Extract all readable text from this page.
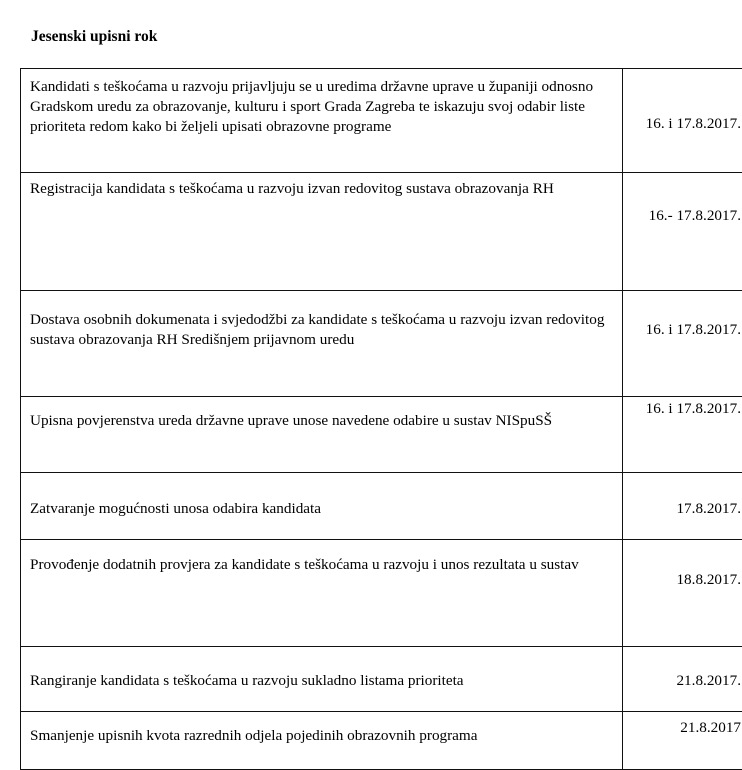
Jesenski upisni rok
Kandidati s teškoćama u razvoju prijavljuju se u uredima državne uprave u županiji odnosno Gradskom uredu za obrazovanje, kulturu i sport Grada Zagreba te iskazuju svoj odabir liste prioriteta redom kako bi željeli upisati obrazovne programe	16. i 17.8.2017.
Registracija kandidata s teškoćama u razvoju izvan redovitog sustava obrazovanja RH	16.- 17.8.2017.
Dostava osobnih dokumenata i svjedodžbi za kandidate s teškoćama u razvoju izvan redovitog sustava obrazovanja RH Središnjem prijavnom uredu	16. i 17.8.2017.
Upisna povjerenstva ureda državne uprave unose navedene odabire u sustav NISpuSŠ	16. i 17.8.2017.
Zatvaranje mogućnosti unosa odabira kandidata	17.8.2017.
Provođenje dodatnih provjera za kandidate s teškoćama u razvoju i unos rezultata u sustav	18.8.2017.
Rangiranje kandidata s teškoćama u razvoju sukladno listama prioriteta	21.8.2017.
Smanjenje upisnih kvota razrednih odjela pojedinih obrazovnih programa	21.8.2017
